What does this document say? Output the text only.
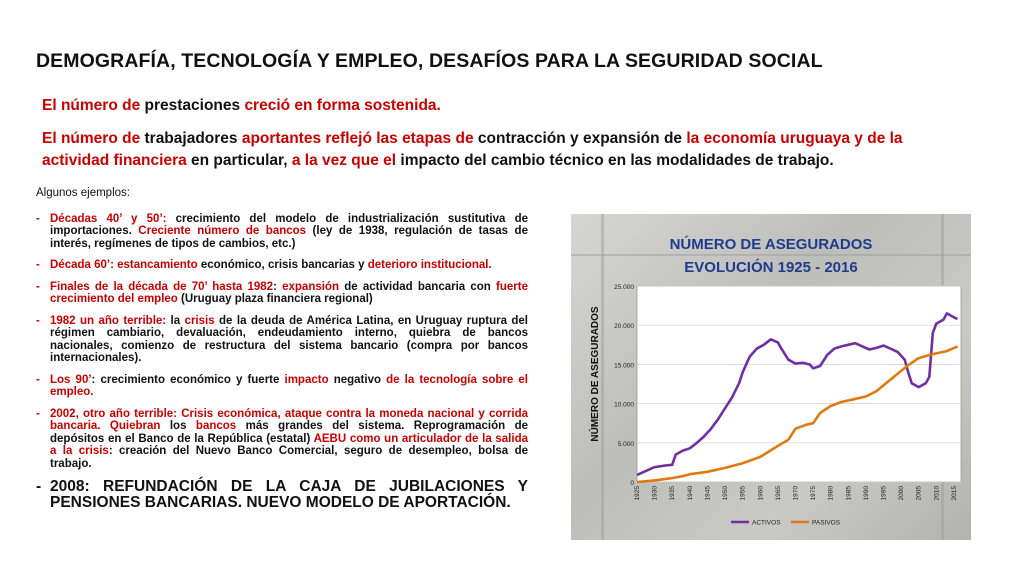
DEMOGRAFÍA, TECNOLOGÍA Y EMPLEO, DESAFÍOS PARA LA SEGURIDAD SOCIAL
El número de prestaciones creció en forma sostenida.
El número de trabajadores aportantes reflejó las etapas de contracción y expansión de la economía uruguaya y de la actividad financiera en particular, a la vez que el impacto del cambio técnico en las modalidades de trabajo.

Algunos ejemplos:

- Décadas 40’ y 50’: crecimiento del modelo de industrialización sustitutiva de importaciones. Creciente número de bancos (ley de 1938, regulación de tasas de interés, regímenes de tipos de cambios, etc.)

- Década 60’: estancamiento económico, crisis bancarias y deterioro institucional.

- Finales de la década de 70’ hasta 1982: expansión de actividad bancaria con fuerte crecimiento del empleo (Uruguay plaza financiera regional)

- 1982 un año terrible: la crisis de la deuda de América Latina, en Uruguay ruptura del régimen cambiario, devaluación, endeudamiento interno, quiebra de bancos nacionales, comienzo de restructura del sistema bancario (compra por bancos internacionales).

- Los 90’: crecimiento económico y fuerte impacto negativo de la tecnología sobre el empleo.

- 2002, otro año terrible: Crisis económica, ataque contra la moneda nacional y corrida bancaria. Quiebran los bancos más grandes del sistema. Reprogramación de depósitos en el Banco de la República (estatal) AEBU como un articulador de la salida a la crisis: creación del Nuevo Banco Comercial, seguro de desempleo, bolsa de trabajo.

- 2008: REFUNDACIÓN DE LA CAJA DE JUBILACIONES Y PENSIONES BANCARIAS. NUEVO MODELO DE APORTACIÓN.

NÚMERO DE ASEGURADOS
EVOLUCIÓN 1925 - 2016
NÚMERO DE ASEGURADOS
0
5.000
10.000
15.000
20.000
25.000
1925 1930 1935 1940 1945 1950 1955 1960 1965 1970 1975 1980 1985 1990 1995 2000 2005 2010 2015
ACTIVOS	PASIVOS
